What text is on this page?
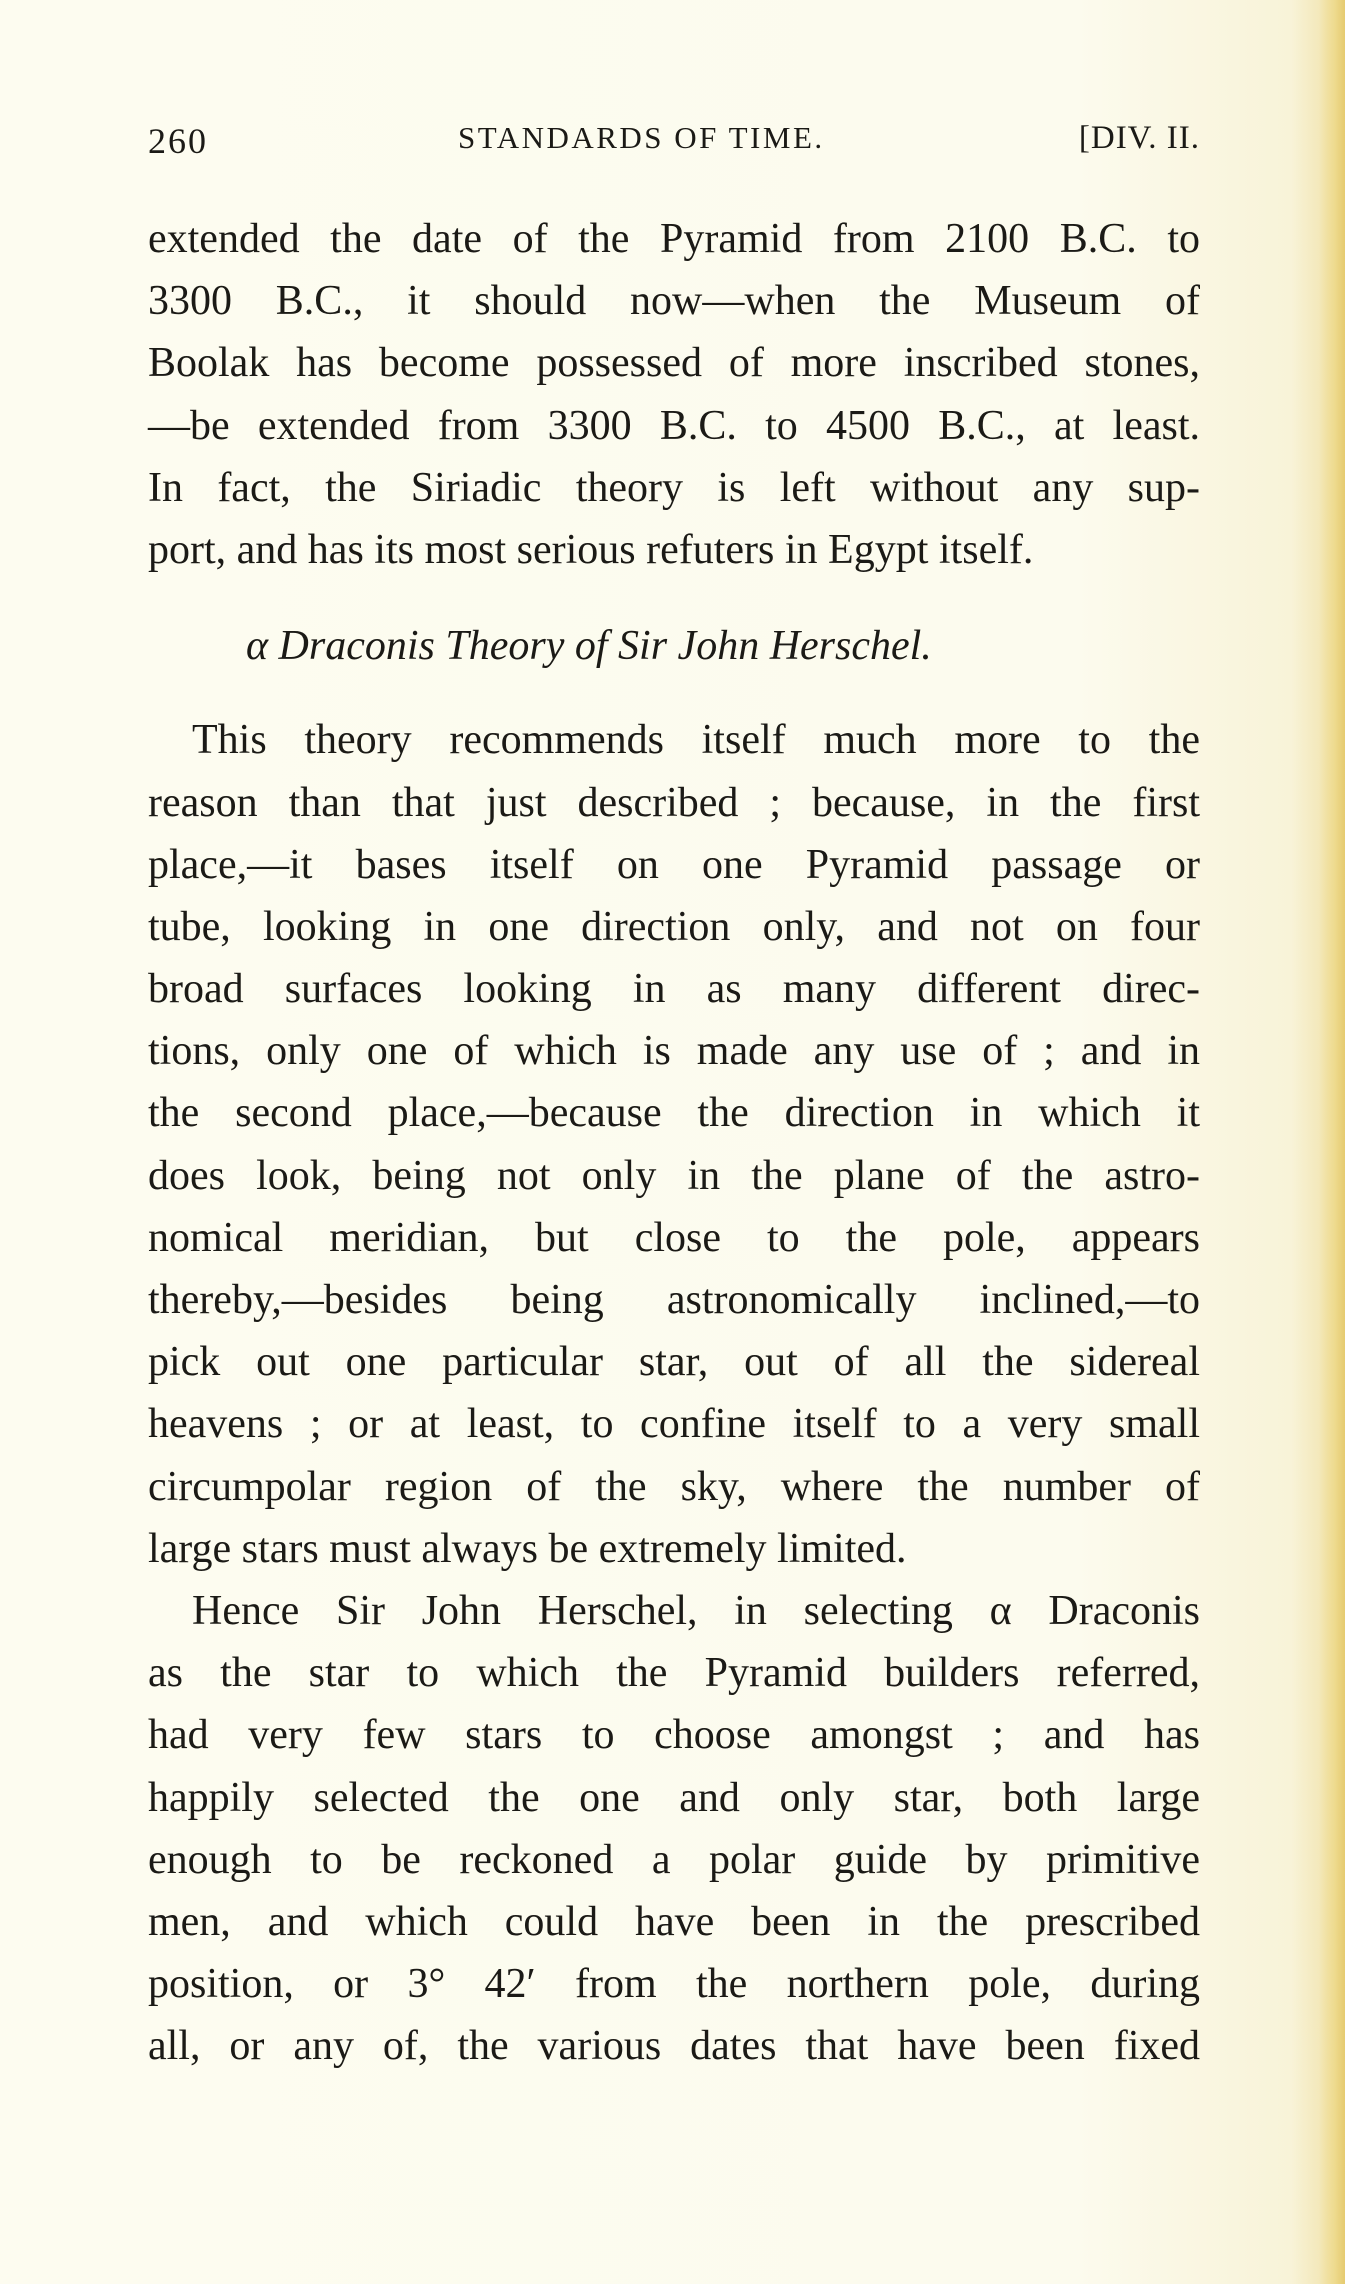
260	STANDARDS OF TIME.	[DIV. II.
extended the date of the Pyramid from 2100 B.C. to
3300 B.C., it should now—when the Museum of
Boolak has become possessed of more inscribed stones,
—be extended from 3300 B.C. to 4500 B.C., at least.
In fact, the Siriadic theory is left without any sup-
port, and has its most serious refuters in Egypt itself.
α Draconis Theory of Sir John Herschel.
This theory recommends itself much more to the
reason than that just described ; because, in the first
place,—it bases itself on one Pyramid passage or
tube, looking in one direction only, and not on four
broad surfaces looking in as many different direc-
tions, only one of which is made any use of ; and in
the second place,—because the direction in which it
does look, being not only in the plane of the astro-
nomical meridian, but close to the pole, appears
thereby,—besides being astronomically inclined,—to
pick out one particular star, out of all the sidereal
heavens ; or at least, to confine itself to a very small
circumpolar region of the sky, where the number of
large stars must always be extremely limited.
Hence Sir John Herschel, in selecting α Draconis
as the star to which the Pyramid builders referred,
had very few stars to choose amongst ; and has
happily selected the one and only star, both large
enough to be reckoned a polar guide by primitive
men, and which could have been in the prescribed
position, or 3° 42′ from the northern pole, during
all, or any of, the various dates that have been fixed
